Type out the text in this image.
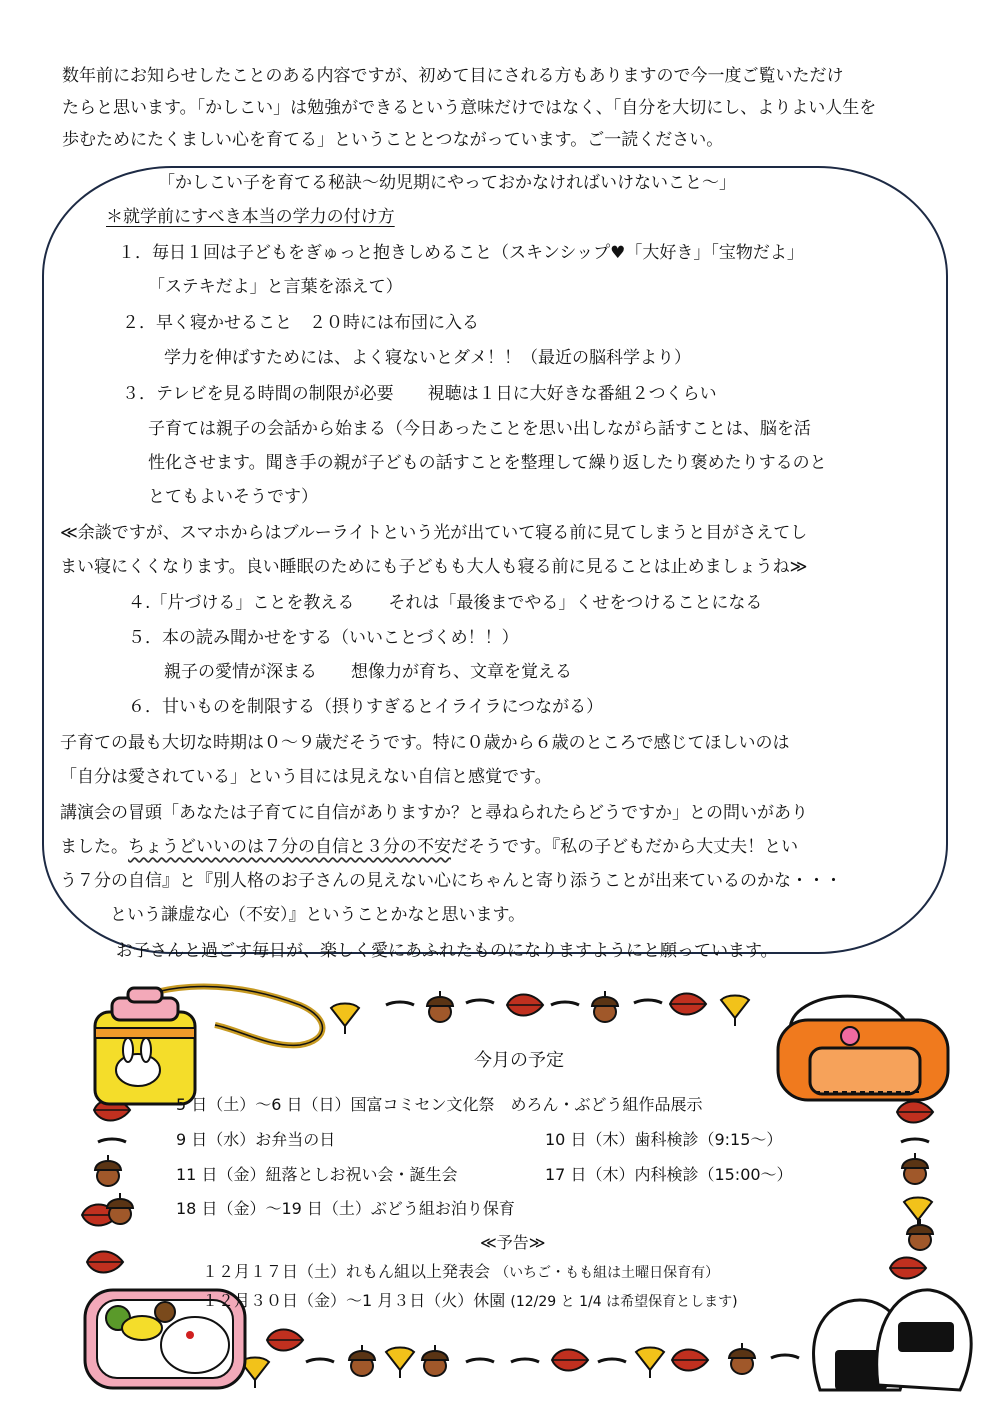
数年前にお知らせしたことのある内容ですが、初めて目にされる方もありますので今一度ご覧いただけ
たらと思います。「かしこい」は勉強ができるという意味だけではなく、「自分を大切にし、よりよい人生を
歩むためにたくましい心を育てる」ということとつながっています。ご一読ください。
「かしこい子を育てる秘訣～幼児期にやっておかなければいけないこと～」
＊就学前にすべき本当の学力の付け方
１．毎日１回は子どもをぎゅっと抱きしめること（スキンシップ♥「大好き」「宝物だよ」
「ステキだよ」と言葉を添えて）
２．早く寝かせること　２０時には布団に入る
学力を伸ばすためには、よく寝ないとダメ！！（最近の脳科学より）
３．テレビを見る時間の制限が必要　　視聴は１日に大好きな番組２つくらい
子育ては親子の会話から始まる（今日あったことを思い出しながら話すことは、脳を活
性化させます。聞き手の親が子どもの話すことを整理して繰り返したり褒めたりするのと
とてもよいそうです）
≪余談ですが、スマホからはブルーライトという光が出ていて寝る前に見てしまうと目がさえてし
まい寝にくくなります。良い睡眠のためにも子どもも大人も寝る前に見ることは止めましょうね≫
４.「片づける」ことを教える　　それは「最後までやる」くせをつけることになる
５．本の読み聞かせをする（いいことづくめ！！）
親子の愛情が深まる　　想像力が育ち、文章を覚える
６．甘いものを制限する（摂りすぎるとイライラにつながる）
子育ての最も大切な時期は０～９歳だそうです。特に０歳から６歳のところで感じてほしいのは
「自分は愛されている」という目には見えない自信と感覚です。
講演会の冒頭「あなたは子育てに自信がありますか？と尋ねられたらどうですか」との問いがあり
ました。ちょうどいいのは７分の自信と３分の不安だそうです。『私の子どもだから大丈夫！とい
う７分の自信』と『別人格のお子さんの見えない心にちゃんと寄り添うことが出来ているのかな・・・
という謙虚な心（不安）』ということかなと思います。
お子さんと過ごす毎日が、楽しく愛にあふれたものになりますようにと願っています。
今月の予定
5 日（土）～6 日（日）国富コミセン文化祭　めろん・ぶどう組作品展示
9 日（水）お弁当の日	10 日（木）歯科検診（9:15～）
11 日（金）紐落としお祝い会・誕生会	17 日（木）内科検診（15:00～）
18 日（金）～19 日（土）ぶどう組お泊り保育
≪予告≫
１２月１７日（土）れもん組以上発表会 （いちご・もも組は土曜日保育有）
１２月３０日（金）～1 月３日（火）休園 (12/29 と 1/4 は希望保育とします)
